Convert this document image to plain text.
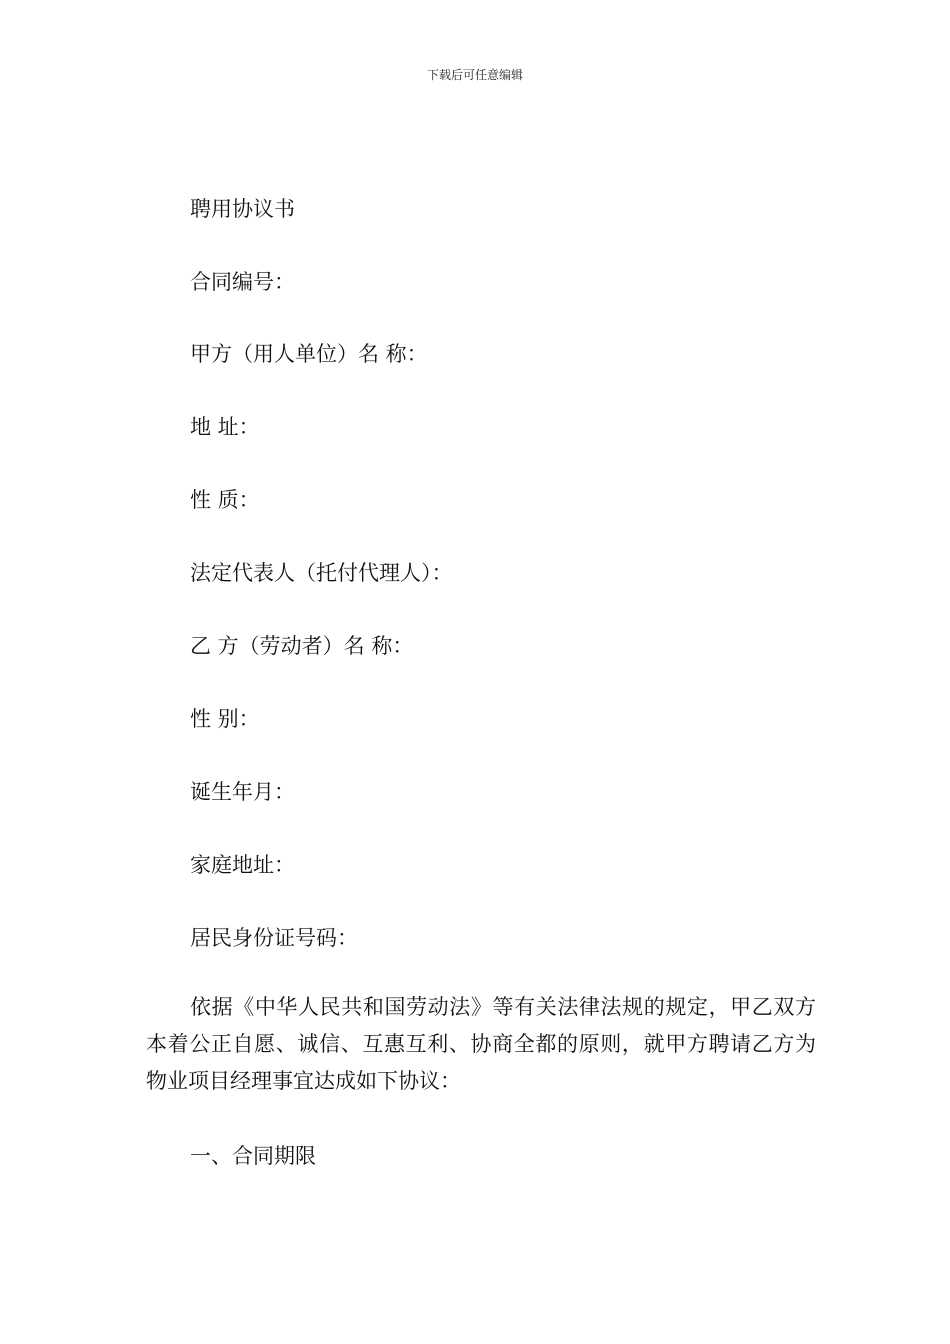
下载后可任意编辑
聘用协议书
合同编号：
甲方（用人单位）名 称：
地 址：
性 质：
法定代表人（托付代理人）：
乙 方（劳动者）名 称：
性 别：
诞生年月：
家庭地址：
居民身份证号码：
依据《中华人民共和国劳动法》等有关法律法规的规定，甲乙双方本着公正自愿、诚信、互惠互利、协商全都的原则，就甲方聘请乙方为 物业项目经理事宜达成如下协议：
一、合同期限
